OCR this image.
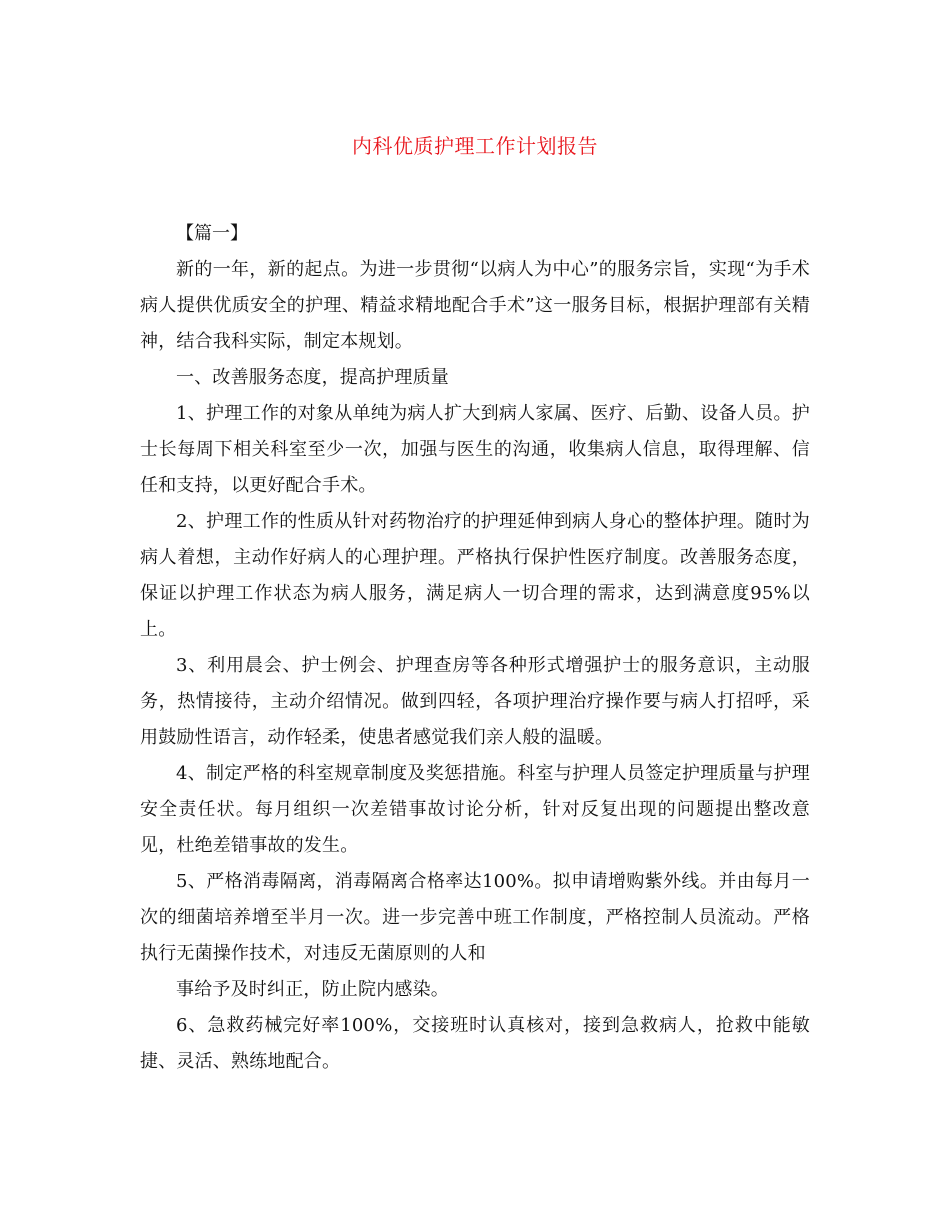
内科优质护理工作计划报告
【篇一】

新的一年，新的起点。为进一步贯彻“以病人为中心”的服务宗旨，实现“为手术病人提供优质安全的护理、精益求精地配合手术”这一服务目标，根据护理部有关精神，结合我科实际，制定本规划。

一、改善服务态度，提高护理质量

1、护理工作的对象从单纯为病人扩大到病人家属、医疗、后勤、设备人员。护士长每周下相关科室至少一次，加强与医生的沟通，收集病人信息，取得理解、信任和支持，以更好配合手术。

2、护理工作的性质从针对药物治疗的护理延伸到病人身心的整体护理。随时为病人着想，主动作好病人的心理护理。严格执行保护性医疗制度。改善服务态度，保证以护理工作状态为病人服务，满足病人一切合理的需求，达到满意度95%以上。

3、利用晨会、护士例会、护理查房等各种形式增强护士的服务意识，主动服务，热情接待，主动介绍情况。做到四轻，各项护理治疗操作要与病人打招呼，采用鼓励性语言，动作轻柔，使患者感觉我们亲人般的温暖。

4、制定严格的科室规章制度及奖惩措施。科室与护理人员签定护理质量与护理安全责任状。每月组织一次差错事故讨论分析，针对反复出现的问题提出整改意见，杜绝差错事故的发生。

5、严格消毒隔离，消毒隔离合格率达100%。拟申请增购紫外线。并由每月一次的细菌培养增至半月一次。进一步完善中班工作制度，严格控制人员流动。严格执行无菌操作技术，对违反无菌原则的人和

事给予及时纠正，防止院内感染。

6、急救药械完好率100%，交接班时认真核对，接到急救病人，抢救中能敏捷、灵活、熟练地配合。
